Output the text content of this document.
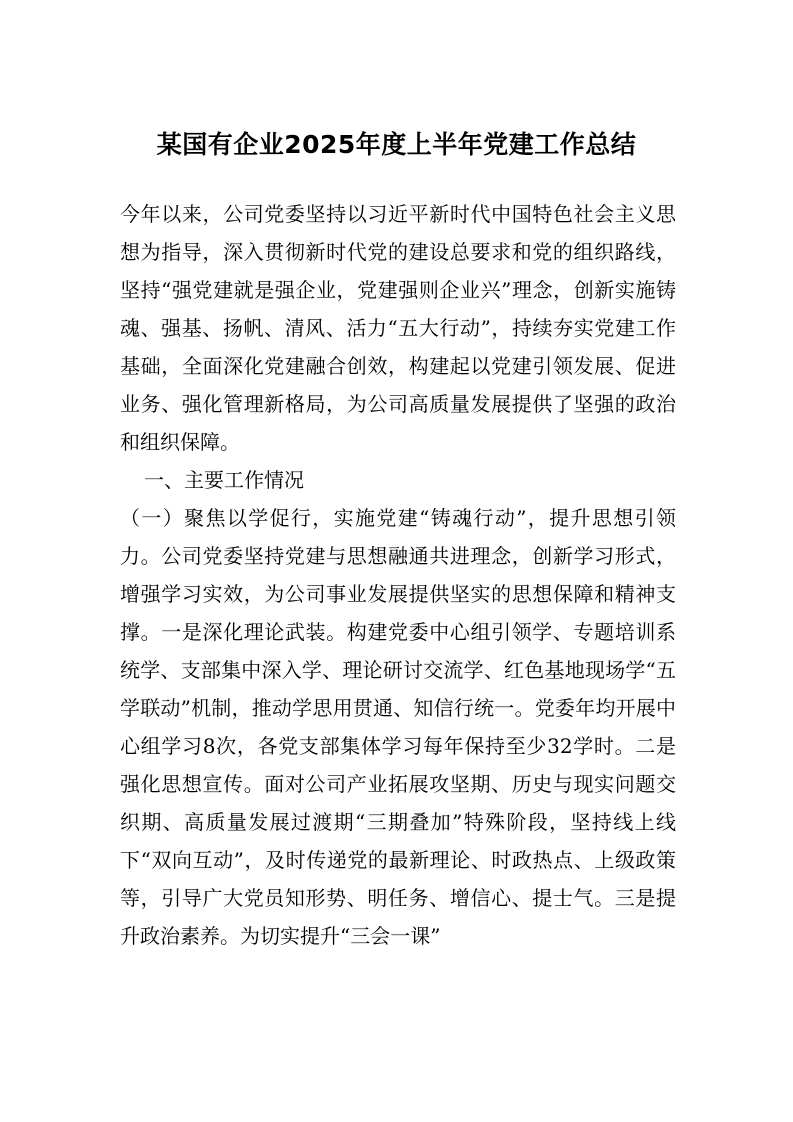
某国有企业2025年度上半年党建工作总结

今年以来，公司党委坚持以习近平新时代中国特色社会主义思想为指导，深入贯彻新时代党的建设总要求和党的组织路线，坚持“强党建就是强企业，党建强则企业兴”理念，创新实施铸魂、强基、扬帆、清风、活力“五大行动”，持续夯实党建工作基础，全面深化党建融合创效，构建起以党建引领发展、促进业务、强化管理新格局，为公司高质量发展提供了坚强的政治和组织保障。

一、主要工作情况

（一）聚焦以学促行，实施党建“铸魂行动”，提升思想引领力。公司党委坚持党建与思想融通共进理念，创新学习形式，增强学习实效，为公司事业发展提供坚实的思想保障和精神支撑。一是深化理论武装。构建党委中心组引领学、专题培训系统学、支部集中深入学、理论研讨交流学、红色基地现场学“五学联动”机制，推动学思用贯通、知信行统一。党委年均开展中心组学习8次，各党支部集体学习每年保持至少32学时。二是强化思想宣传。面对公司产业拓展攻坚期、历史与现实问题交织期、高质量发展过渡期“三期叠加”特殊阶段，坚持线上线下“双向互动”，及时传递党的最新理论、时政热点、上级政策等，引导广大党员知形势、明任务、增信心、提士气。三是提升政治素养。为切实提升“三会一课”
